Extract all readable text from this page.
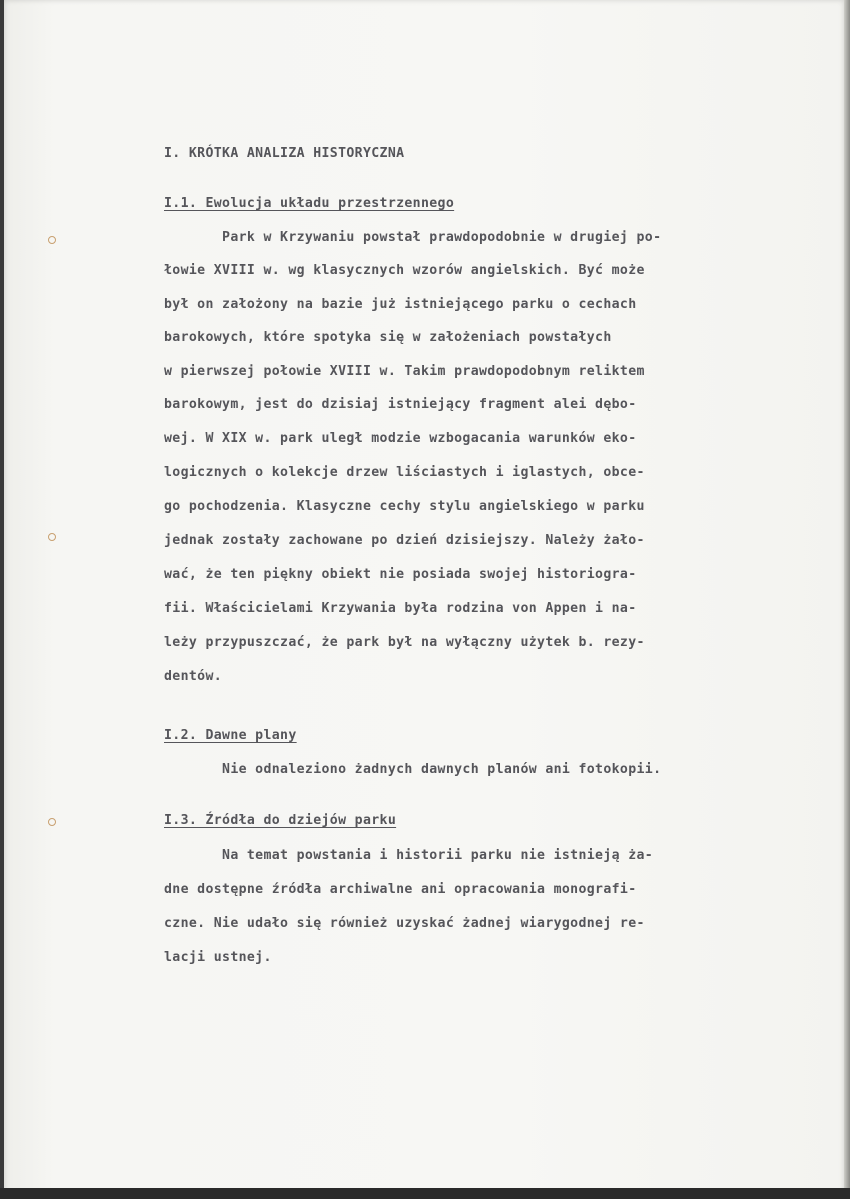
I. KRÓTKA ANALIZA HISTORYCZNA
I.1. Ewolucja układu przestrzennego
Park w Krzywaniu powstał prawdopodobnie w drugiej po-
łowie XVIII w. wg klasycznych wzorów angielskich. Być może
był on założony na bazie już istniejącego parku o cechach
barokowych, które spotyka się w założeniach powstałych
w pierwszej połowie XVIII w. Takim prawdopodobnym reliktem
barokowym, jest do dzisiaj istniejący fragment alei dębo-
wej. W XIX w. park uległ modzie wzbogacania warunków eko-
logicznych o kolekcje drzew liściastych i iglastych, obce-
go pochodzenia. Klasyczne cechy stylu angielskiego w parku
jednak zostały zachowane po dzień dzisiejszy. Należy żało-
wać, że ten piękny obiekt nie posiada swojej historiogra-
fii. Właścicielami Krzywania była rodzina von Appen i na-
leży przypuszczać, że park był na wyłączny użytek b. rezy-
dentów.
I.2. Dawne plany
Nie odnaleziono żadnych dawnych planów ani fotokopii.
I.3. Źródła do dziejów parku
Na temat powstania i historii parku nie istnieją ża-
dne dostępne źródła archiwalne ani opracowania monografi-
czne. Nie udało się również uzyskać żadnej wiarygodnej re-
lacji ustnej.
